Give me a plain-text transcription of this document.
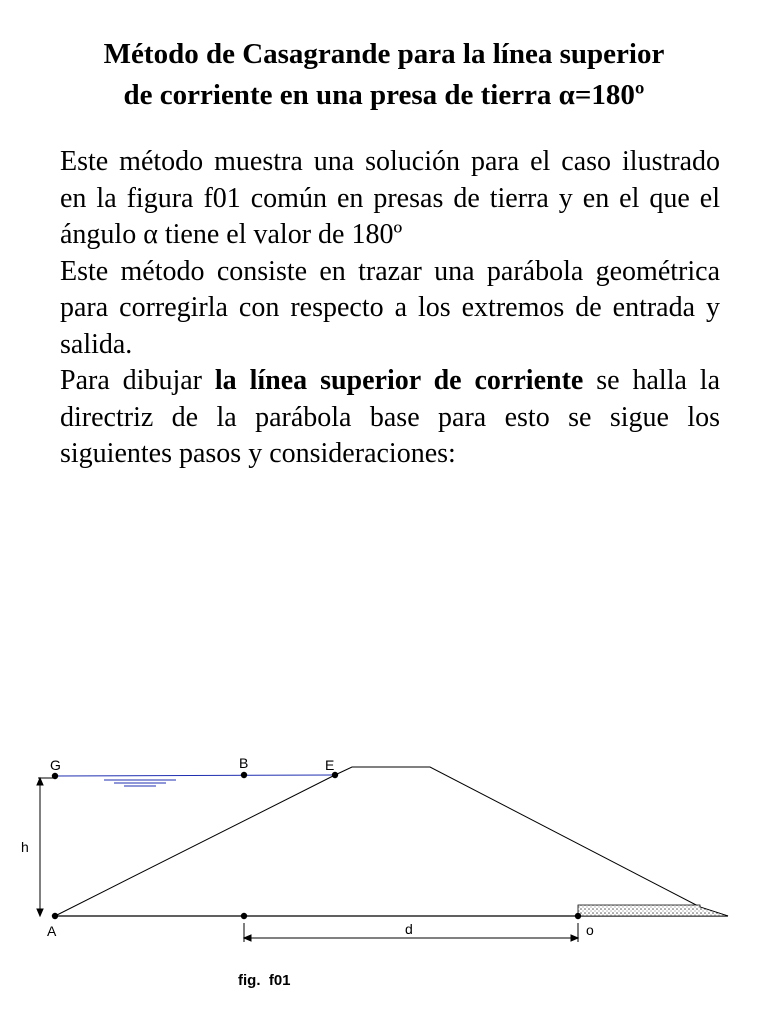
Método de Casagrande para la línea superior
de corriente en una presa de tierra α=180º

Este método muestra una solución para el caso ilustrado en la figura f01 común en presas de tierra y en el que el ángulo α tiene el valor de 180º

Este método consiste en trazar una parábola geométrica para corregirla con respecto a los extremos de entrada y salida.

Para dibujar la línea superior de corriente se halla la directriz de la parábola base para esto se sigue los siguientes pasos y consideraciones:

G	B	E
h
A	d	o
fig.  f01
